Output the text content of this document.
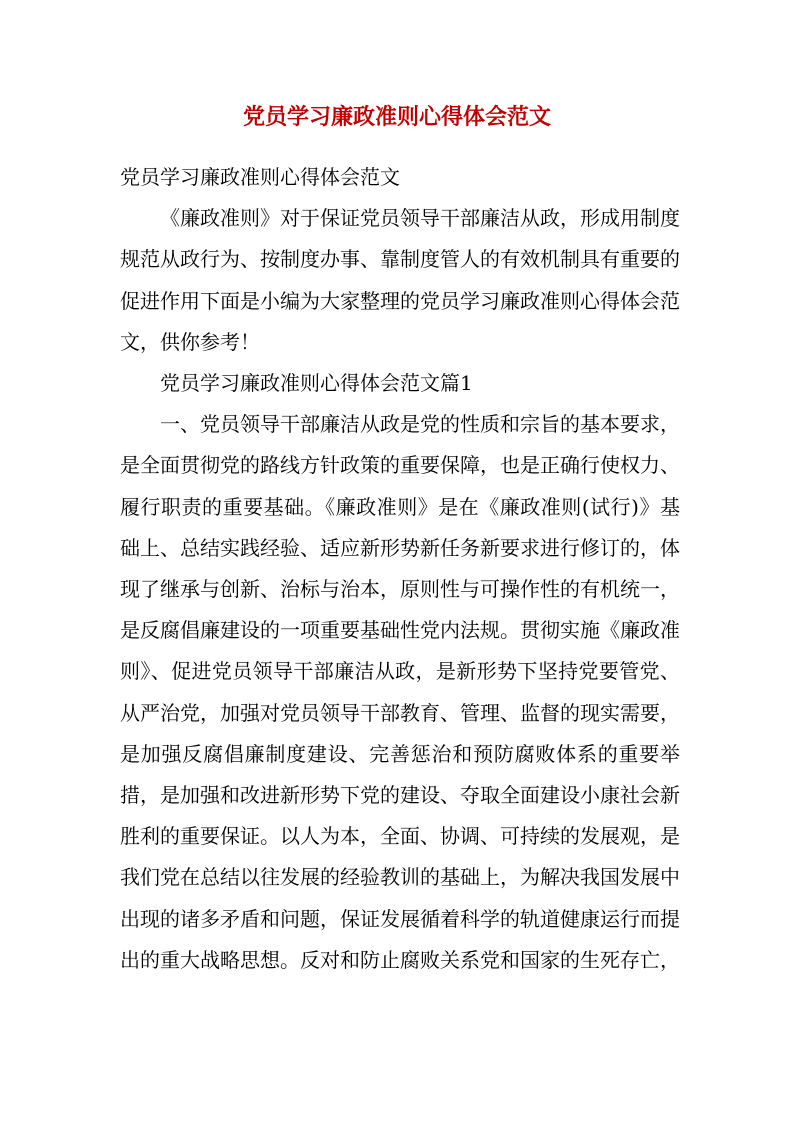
党员学习廉政准则心得体会范文

党员学习廉政准则心得体会范文

《廉政准则》对于保证党员领导干部廉洁从政，形成用制度规范从政行为、按制度办事、靠制度管人的有效机制具有重要的促进作用下面是小编为大家整理的党员学习廉政准则心得体会范文，供你参考！

党员学习廉政准则心得体会范文篇1

一、党员领导干部廉洁从政是党的性质和宗旨的基本要求，是全面贯彻党的路线方针政策的重要保障，也是正确行使权力、履行职责的重要基础。《廉政准则》是在《廉政准则(试行)》基础上、总结实践经验、适应新形势新任务新要求进行修订的，体现了继承与创新、治标与治本，原则性与可操作性的有机统一，是反腐倡廉建设的一项重要基础性党内法规。贯彻实施《廉政准则》、促进党员领导干部廉洁从政，是新形势下坚持党要管党、从严治党，加强对党员领导干部教育、管理、监督的现实需要，是加强反腐倡廉制度建设、完善惩治和预防腐败体系的重要举措，是加强和改进新形势下党的建设、夺取全面建设小康社会新胜利的重要保证。以人为本，全面、协调、可持续的发展观，是我们党在总结以往发展的经验教训的基础上，为解决我国发展中出现的诸多矛盾和问题，保证发展循着科学的轨道健康运行而提出的重大战略思想。反对和防止腐败关系党和国家的生死存亡，
